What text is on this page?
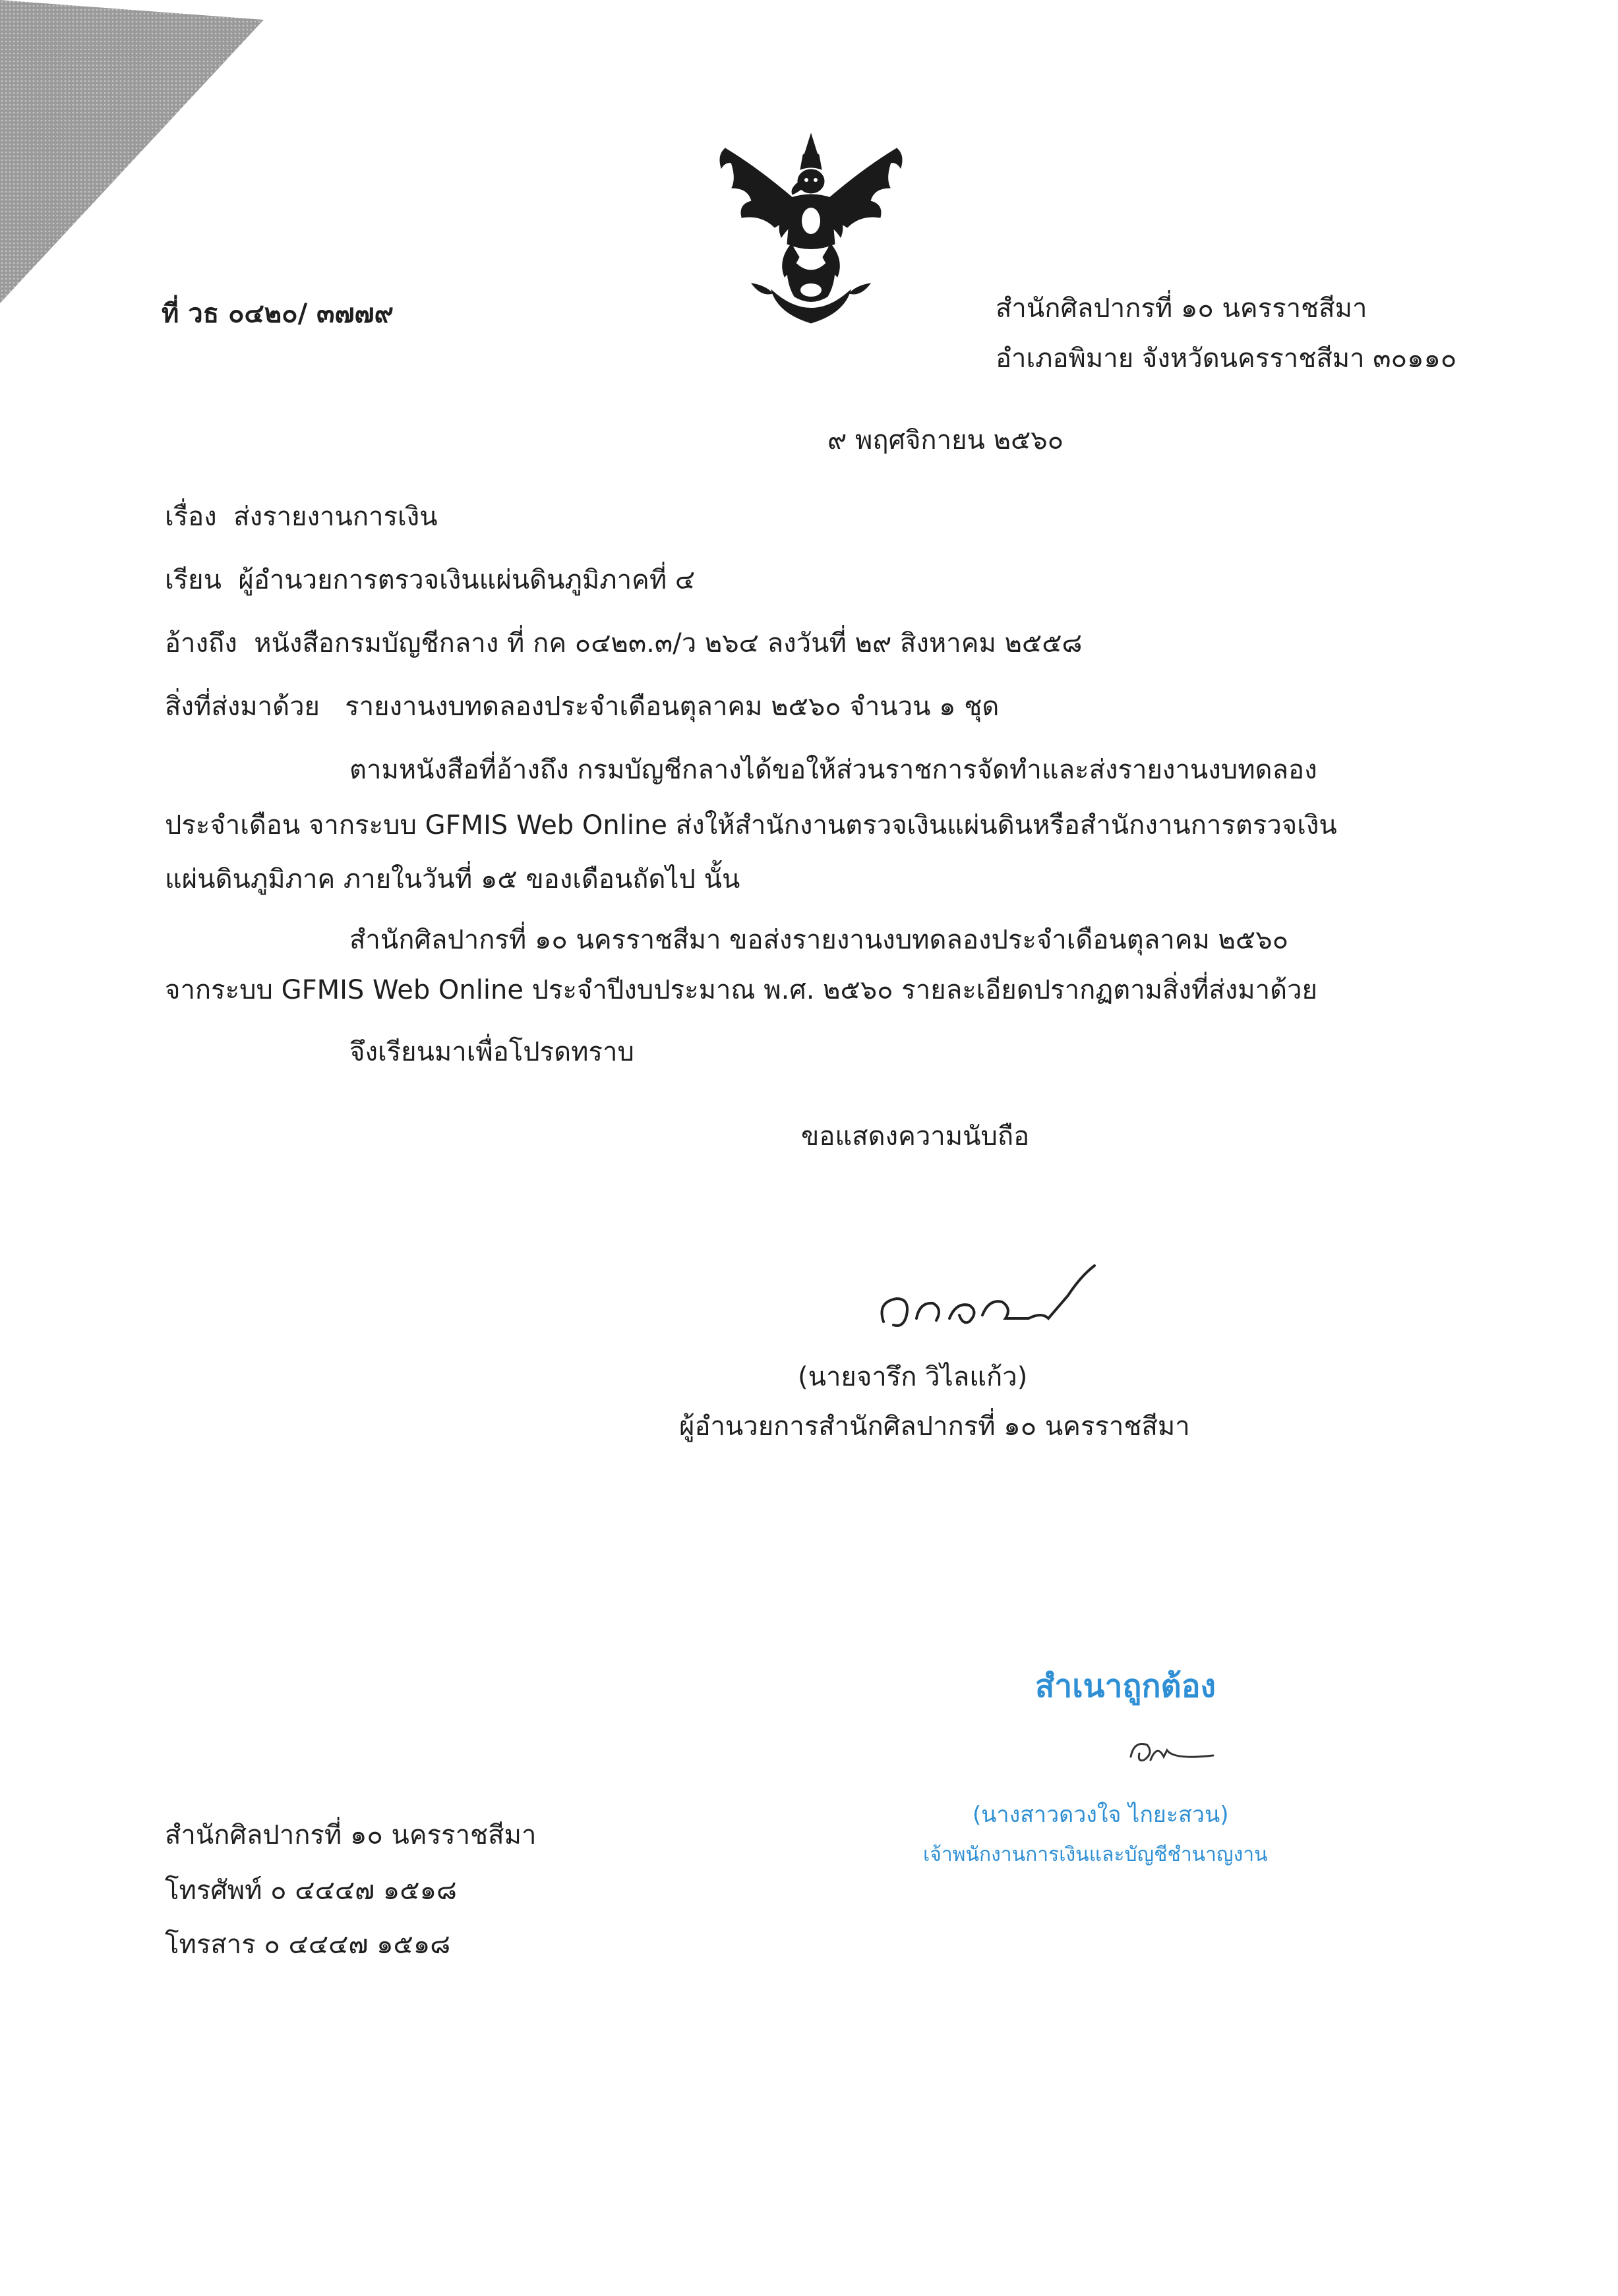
ที่ วธ ๐๔๒๐/ ๓๗๗๙	สำนักศิลปากรที่ ๑๐ นครราชสีมา
อำเภอพิมาย จังหวัดนครราชสีมา ๓๐๑๑๐
๙ พฤศจิกายน ๒๕๖๐
เรื่อง ส่งรายงานการเงิน
เรียน ผู้อำนวยการตรวจเงินแผ่นดินภูมิภาคที่ ๔
อ้างถึง หนังสือกรมบัญชีกลาง ที่ กค ๐๔๒๓.๓/ว ๒๖๔ ลงวันที่ ๒๙ สิงหาคม ๒๕๕๘
สิ่งที่ส่งมาด้วย รายงานงบทดลองประจำเดือนตุลาคม ๒๕๖๐ จำนวน ๑ ชุด
ตามหนังสือที่อ้างถึง กรมบัญชีกลางได้ขอให้ส่วนราชการจัดทำและส่งรายงานงบทดลอง
ประจำเดือน จากระบบ GFMIS Web Online ส่งให้สำนักงานตรวจเงินแผ่นดินหรือสำนักงานการตรวจเงิน
แผ่นดินภูมิภาค ภายในวันที่ ๑๕ ของเดือนถัดไป นั้น
สำนักศิลปากรที่ ๑๐ นครราชสีมา ขอส่งรายงานงบทดลองประจำเดือนตุลาคม ๒๕๖๐
จากระบบ GFMIS Web Online ประจำปีงบประมาณ พ.ศ. ๒๕๖๐ รายละเอียดปรากฏตามสิ่งที่ส่งมาด้วย
จึงเรียนมาเพื่อโปรดทราบ
ขอแสดงความนับถือ
(นายจารึก วิไลแก้ว)
ผู้อำนวยการสำนักศิลปากรที่ ๑๐ นครราชสีมา
สำเนาถูกต้อง
(นางสาวดวงใจ ไกยะสวน)
เจ้าพนักงานการเงินและบัญชีชำนาญงาน
สำนักศิลปากรที่ ๑๐ นครราชสีมา
โทรศัพท์ ๐ ๔๔๔๗ ๑๕๑๘
โทรสาร ๐ ๔๔๔๗ ๑๕๑๘
